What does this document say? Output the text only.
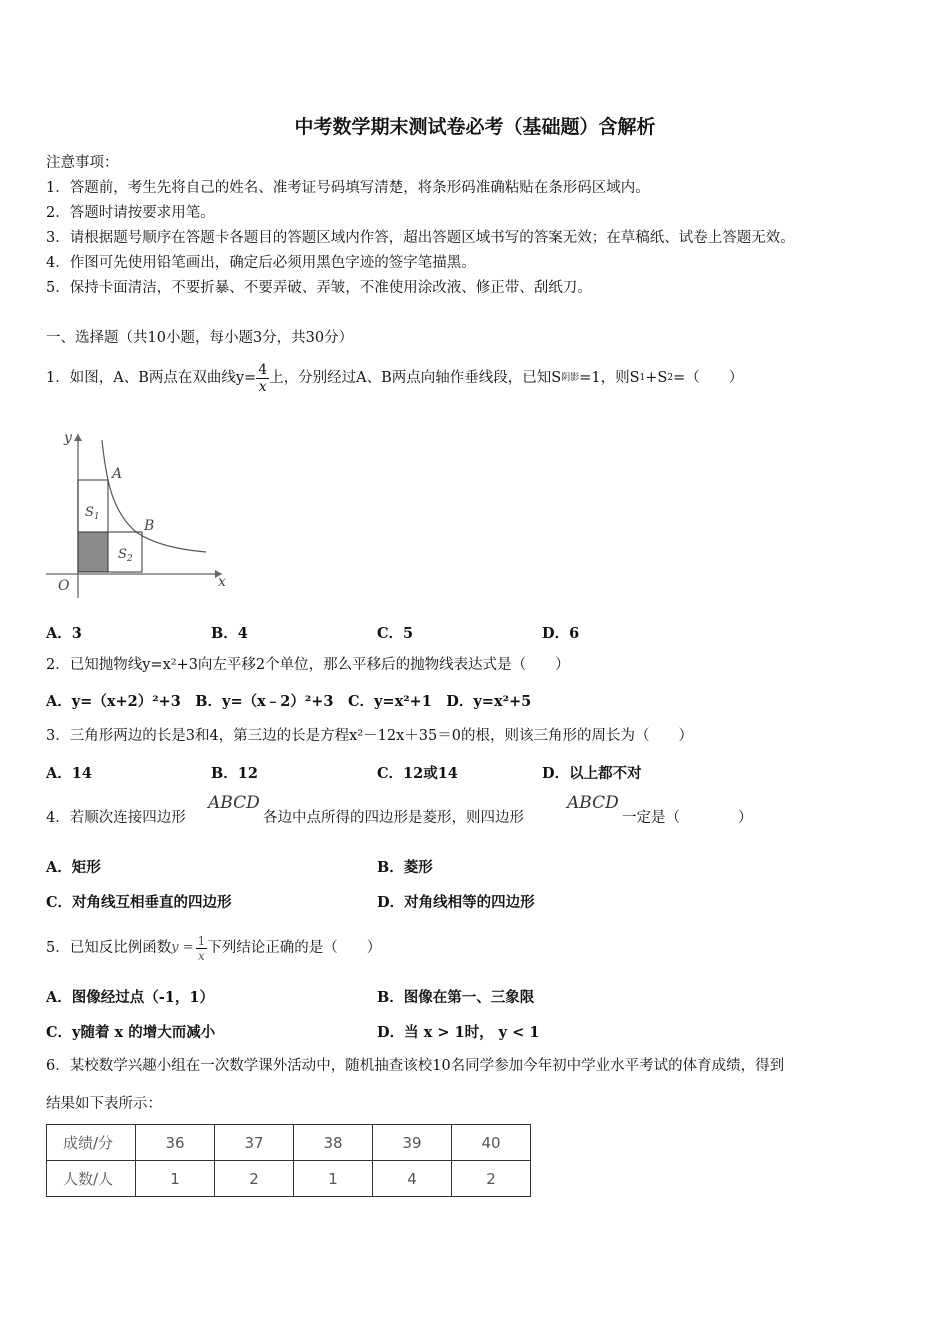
中考数学期末测试卷必考（基础题）含解析
注意事项：
1．答题前，考生先将自己的姓名、准考证号码填写清楚，将条形码准确粘贴在条形码区域内。
2．答题时请按要求用笔。
3．请根据题号顺序在答题卡各题目的答题区域内作答，超出答题区域书写的答案无效；在草稿纸、试卷上答题无效。
4．作图可先使用铅笔画出，确定后必须用黑色字迹的签字笔描黑。
5．保持卡面清洁，不要折暴、不要弄破、弄皱，不准使用涂改液、修正带、刮纸刀。
一、选择题（共10小题，每小题3分，共30分）
1．如图，A、B两点在双曲线$y= \frac{4}{x}$ 上，分别经过A、B两点向轴作垂线段，已知S 阴影 =1，则S 1 +S 2 =（　　）
y
x
O
A
B
$S_1$
$S_2$
A．3	B．4	C．5	D．6
2．已知抛物线y=x²+3向左平移2个单位，那么平移后的抛物线表达式是（　　）
A．y=（x+2）²+3　B．y=（x﹣2）²+3　C．y=x²+1　D．y=x²+5
3．三角形两边的长是3和4，第三边的长是方程x²－12x＋35＝0的根，则该三角形的周长为（　　）
A．14	B．12	C．12或14	D．以上都不对
4．若顺次连接四边形
ABCD
各边中点所得的四边形是菱形，则四边形
ABCD
一定是（　　　　）
A．矩形	B．菱形
C．对角线互相垂直的四边形	D．对角线相等的四边形
5．已知反比例函数 $y = \frac{1}{x}$ 下列结论正确的是（　　）
A．图像经过点（-1，1）	B．图像在第一、三象限
C．y随着 x 的增大而减小	D．当 x > 1时， y < 1
6．某校数学兴趣小组在一次数学课外活动中，随机抽查该校10名同学参加今年初中学业水平考试的体育成绩，得到
结果如下表所示：
成绩/分	36	37	38	39	40
人数/人	1	2	1	4	2
